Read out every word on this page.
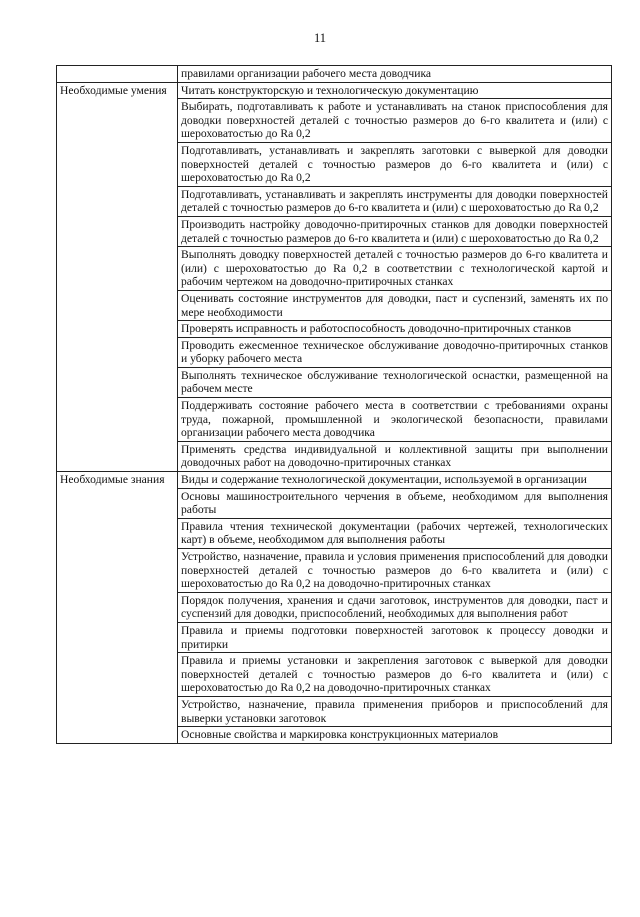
11
	правилами организации рабочего места доводчика
Необходимые умения	Читать конструкторскую и технологическую документацию
	Выбирать, подготавливать к работе и устанавливать на станок приспособления для доводки поверхностей деталей с точностью размеров до 6-го квалитета и (или) с шероховатостью до Ra 0,2
	Подготавливать, устанавливать и закреплять заготовки с выверкой для доводки поверхностей деталей с точностью размеров до 6-го квалитета и (или) с шероховатостью до Ra 0,2
	Подготавливать, устанавливать и закреплять инструменты для доводки поверхностей деталей с точностью размеров до 6-го квалитета и (или) с шероховатостью до Ra 0,2
	Производить настройку доводочно-притирочных станков для доводки поверхностей деталей с точностью размеров до 6-го квалитета и (или) с шероховатостью до Ra 0,2
	Выполнять доводку поверхностей деталей с точностью размеров до 6-го квалитета и (или) с шероховатостью до Ra 0,2 в соответствии с технологической картой и рабочим чертежом на доводочно-притирочных станках
	Оценивать состояние инструментов для доводки, паст и суспензий, заменять их по мере необходимости
	Проверять исправность и работоспособность доводочно-притирочных станков
	Проводить ежесменное техническое обслуживание доводочно-притирочных станков и уборку рабочего места
	Выполнять техническое обслуживание технологической оснастки, размещенной на рабочем месте
	Поддерживать состояние рабочего места в соответствии с требованиями охраны труда, пожарной, промышленной и экологической безопасности, правилами организации рабочего места доводчика
	Применять средства индивидуальной и коллективной защиты при выполнении доводочных работ на доводочно-притирочных станках
Необходимые знания	Виды и содержание технологической документации, используемой в организации
	Основы машиностроительного черчения в объеме, необходимом для выполнения работы
	Правила чтения технической документации (рабочих чертежей, технологических карт) в объеме, необходимом для выполнения работы
	Устройство, назначение, правила и условия применения приспособлений для доводки поверхностей деталей с точностью размеров до 6-го квалитета и (или) с шероховатостью до Ra 0,2 на доводочно-притирочных станках
	Порядок получения, хранения и сдачи заготовок, инструментов для доводки, паст и суспензий для доводки, приспособлений, необходимых для выполнения работ
	Правила и приемы подготовки поверхностей заготовок к процессу доводки и притирки
	Правила и приемы установки и закрепления заготовок с выверкой для доводки поверхностей деталей с точностью размеров до 6-го квалитета и (или) с шероховатостью до Ra 0,2 на доводочно-притирочных станках
	Устройство, назначение, правила применения приборов и приспособлений для выверки установки заготовок
	Основные свойства и маркировка конструкционных материалов
